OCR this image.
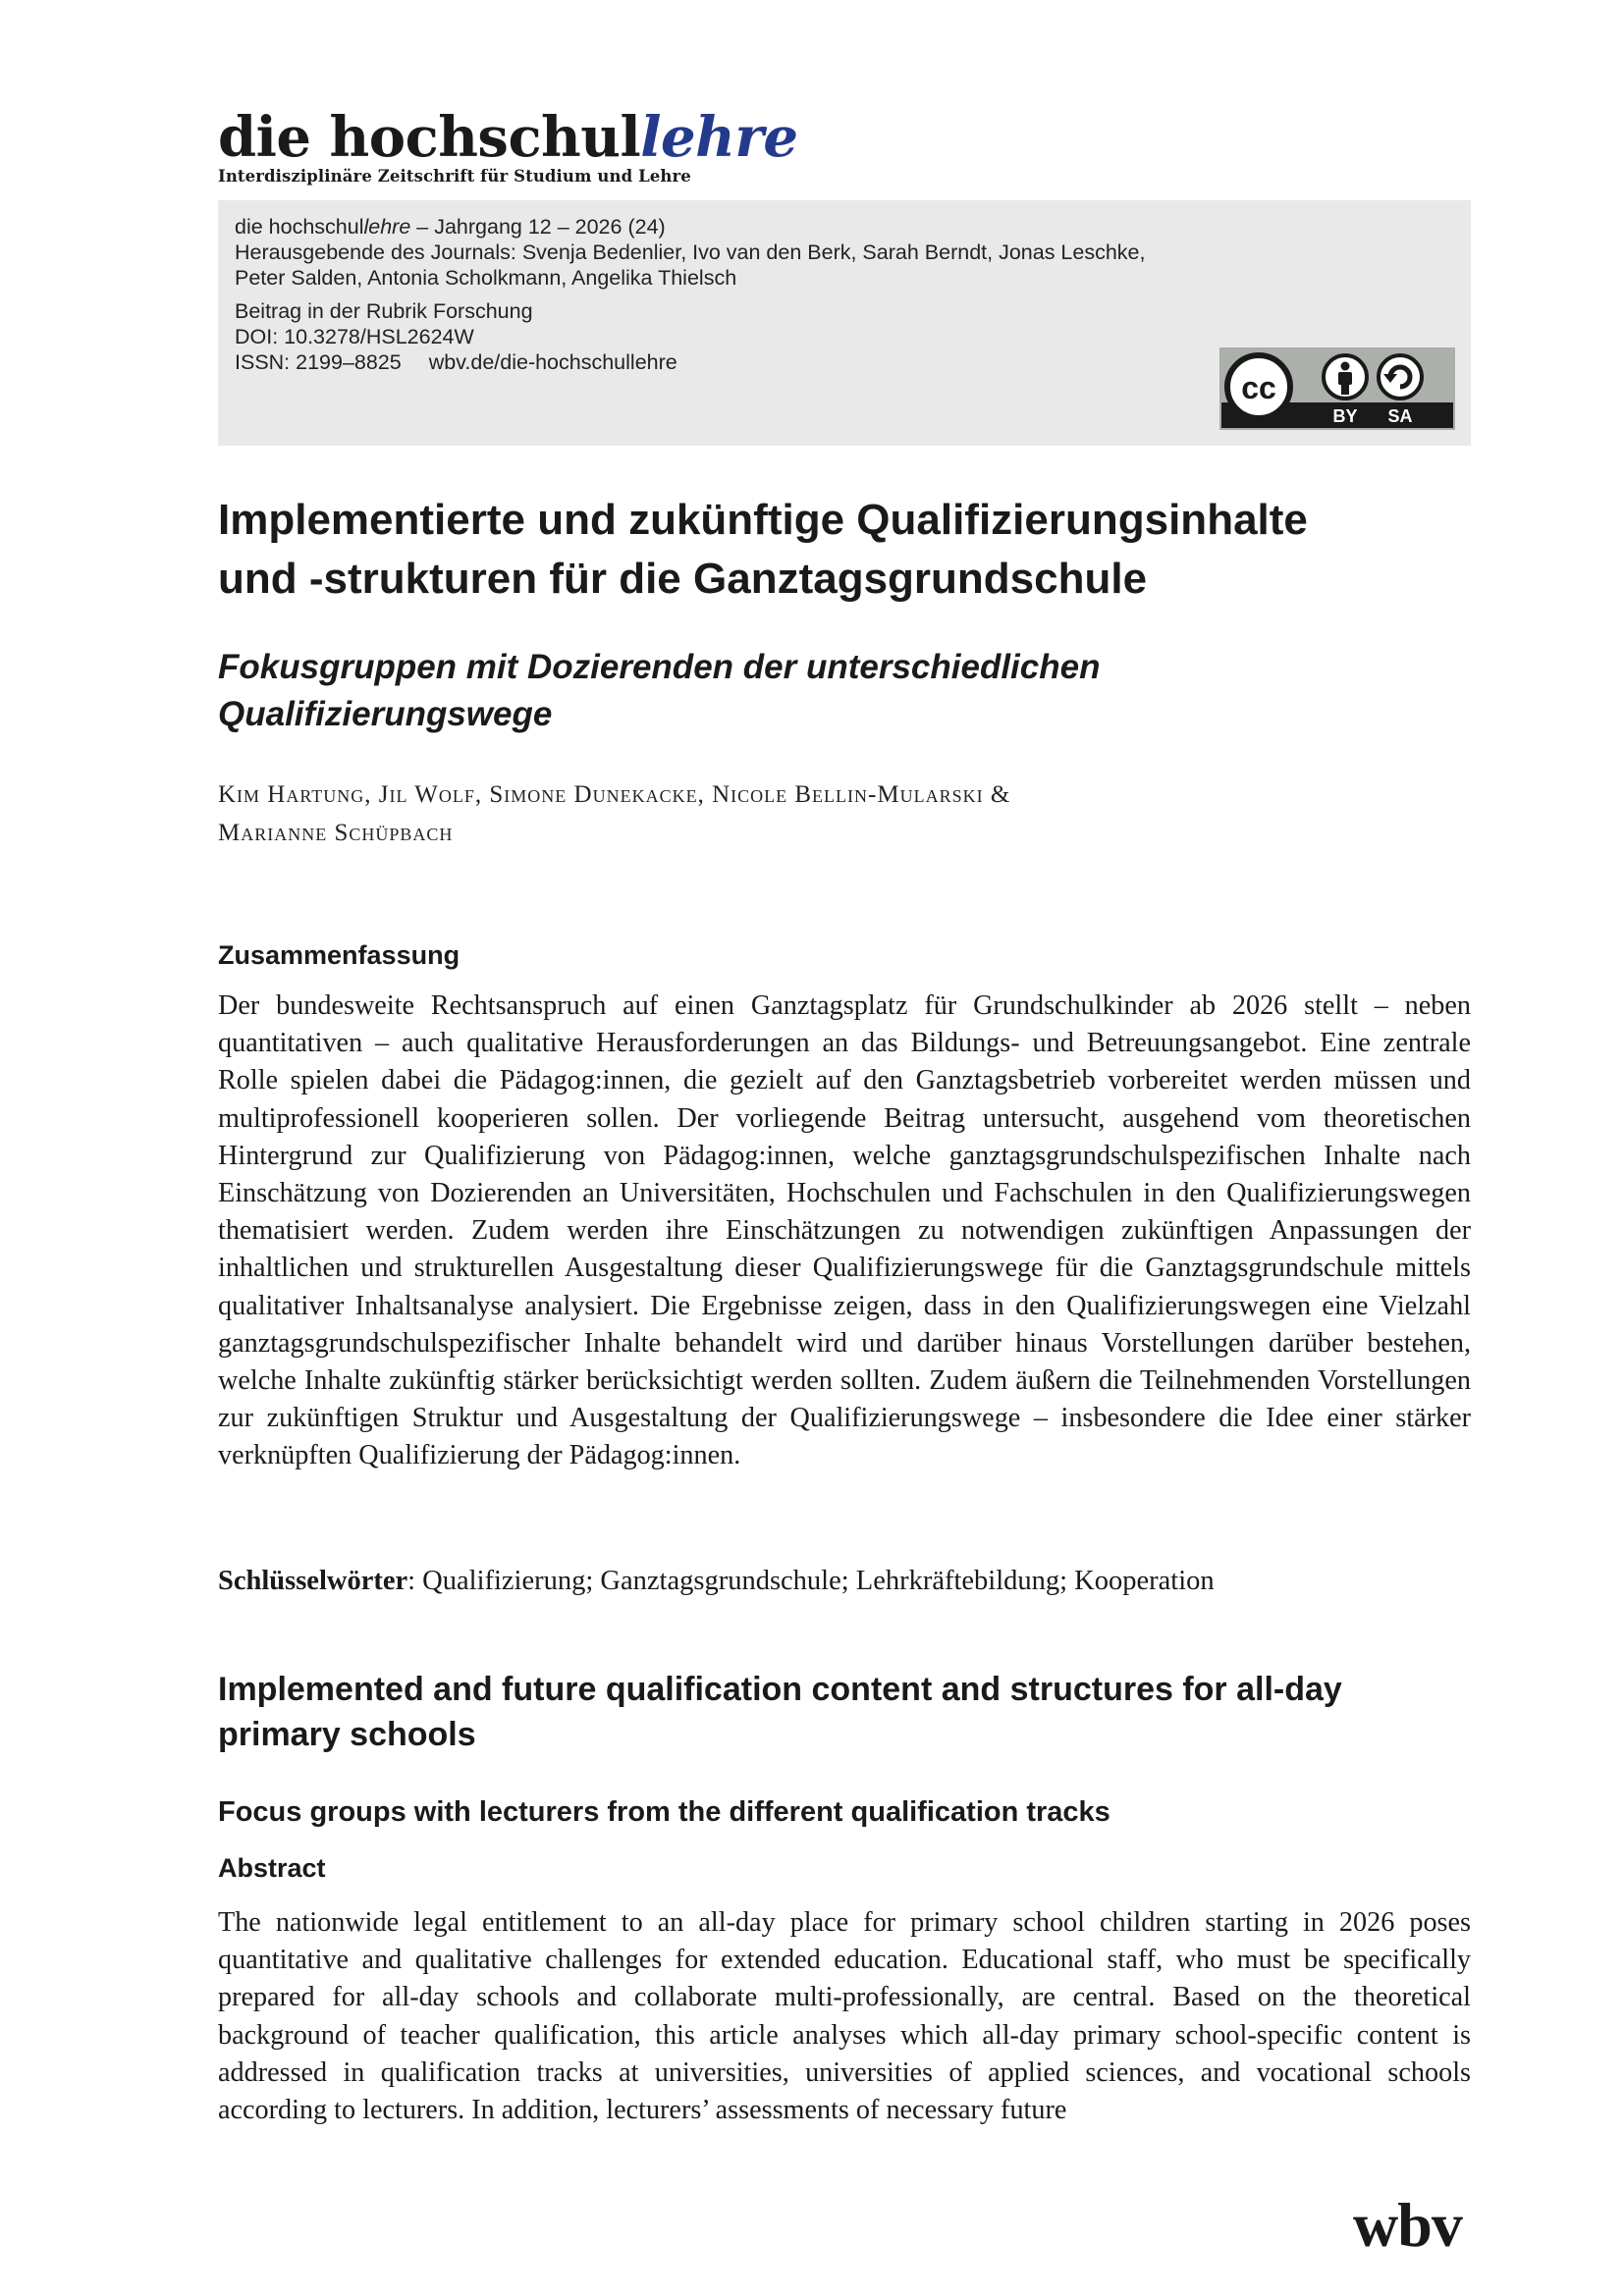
die hochschullehre
Interdisziplinäre Zeitschrift für Studium und Lehre
die hochschullehre – Jahrgang 12 – 2026 (24)
Herausgebende des Journals: Svenja Bedenlier, Ivo van den Berk, Sarah Berndt, Jonas Leschke,
Peter Salden, Antonia Scholkmann, Angelika Thielsch
Beitrag in der Rubrik Forschung
DOI: 10.3278/HSL2624W
ISSN: 2199–8825 wbv.de/die-hochschullehre
cc
BY SA
Implementierte und zukünftige Qualifizierungsinhalte
und -strukturen für die Ganztagsgrundschule
Fokusgruppen mit Dozierenden der unterschiedlichen
Qualifizierungswege
Kim Hartung, Jil Wolf, Simone Dunekacke, Nicole Bellin-Mularski &
Marianne Schüpbach
Zusammenfassung

Der bundesweite Rechtsanspruch auf einen Ganztagsplatz für Grundschulkinder ab 2026 stellt – neben quantitativen – auch qualitative Herausforderungen an das Bildungs- und Betreuungsangebot. Eine zentrale Rolle spielen dabei die Pädagog:innen, die gezielt auf den Ganztagsbetrieb vorbereitet werden müssen und multiprofessionell kooperieren sollen. Der vorliegende Beitrag untersucht, ausgehend vom theoretischen Hintergrund zur Qualifizierung von Pädagog:innen, welche ganztagsgrundschulspezifischen Inhalte nach Einschätzung von Dozierenden an Universitäten, Hochschulen und Fachschulen in den Qualifizierungswegen thematisiert werden. Zudem werden ihre Einschätzungen zu notwendigen zukünftigen Anpassungen der inhaltlichen und strukturellen Ausgestaltung dieser Qualifizierungswege für die Ganztagsgrundschule mittels qualitativer Inhaltsanalyse analysiert. Die Ergebnisse zeigen, dass in den Qualifizierungswegen eine Vielzahl ganztagsgrundschulspezifischer Inhalte behandelt wird und darüber hinaus Vorstellungen darüber bestehen, welche Inhalte zukünftig stärker berücksichtigt werden sollten. Zudem äußern die Teilnehmenden Vorstellungen zur zukünftigen Struktur und Ausgestaltung der Qualifizierungswege – insbesondere die Idee einer stärker verknüpften Qualifizierung der Pädagog:innen.

Schlüsselwörter: Qualifizierung; Ganztagsgrundschule; Lehrkräftebildung; Kooperation

Implemented and future qualification content and structures for all-day
primary schools
Focus groups with lecturers from the different qualification tracks
Abstract

The nationwide legal entitlement to an all-day place for primary school children starting in 2026 poses quantitative and qualitative challenges for extended education. Educational staff, who must be specifically prepared for all-day schools and collaborate multi-professionally, are central. Based on the theoretical background of teacher qualification, this article analyses which all-day primary school-specific content is addressed in qualification tracks at universities, universities of applied sciences, and vocational schools according to lecturers. In addition, lecturers’ assessments of necessary future

wbv
